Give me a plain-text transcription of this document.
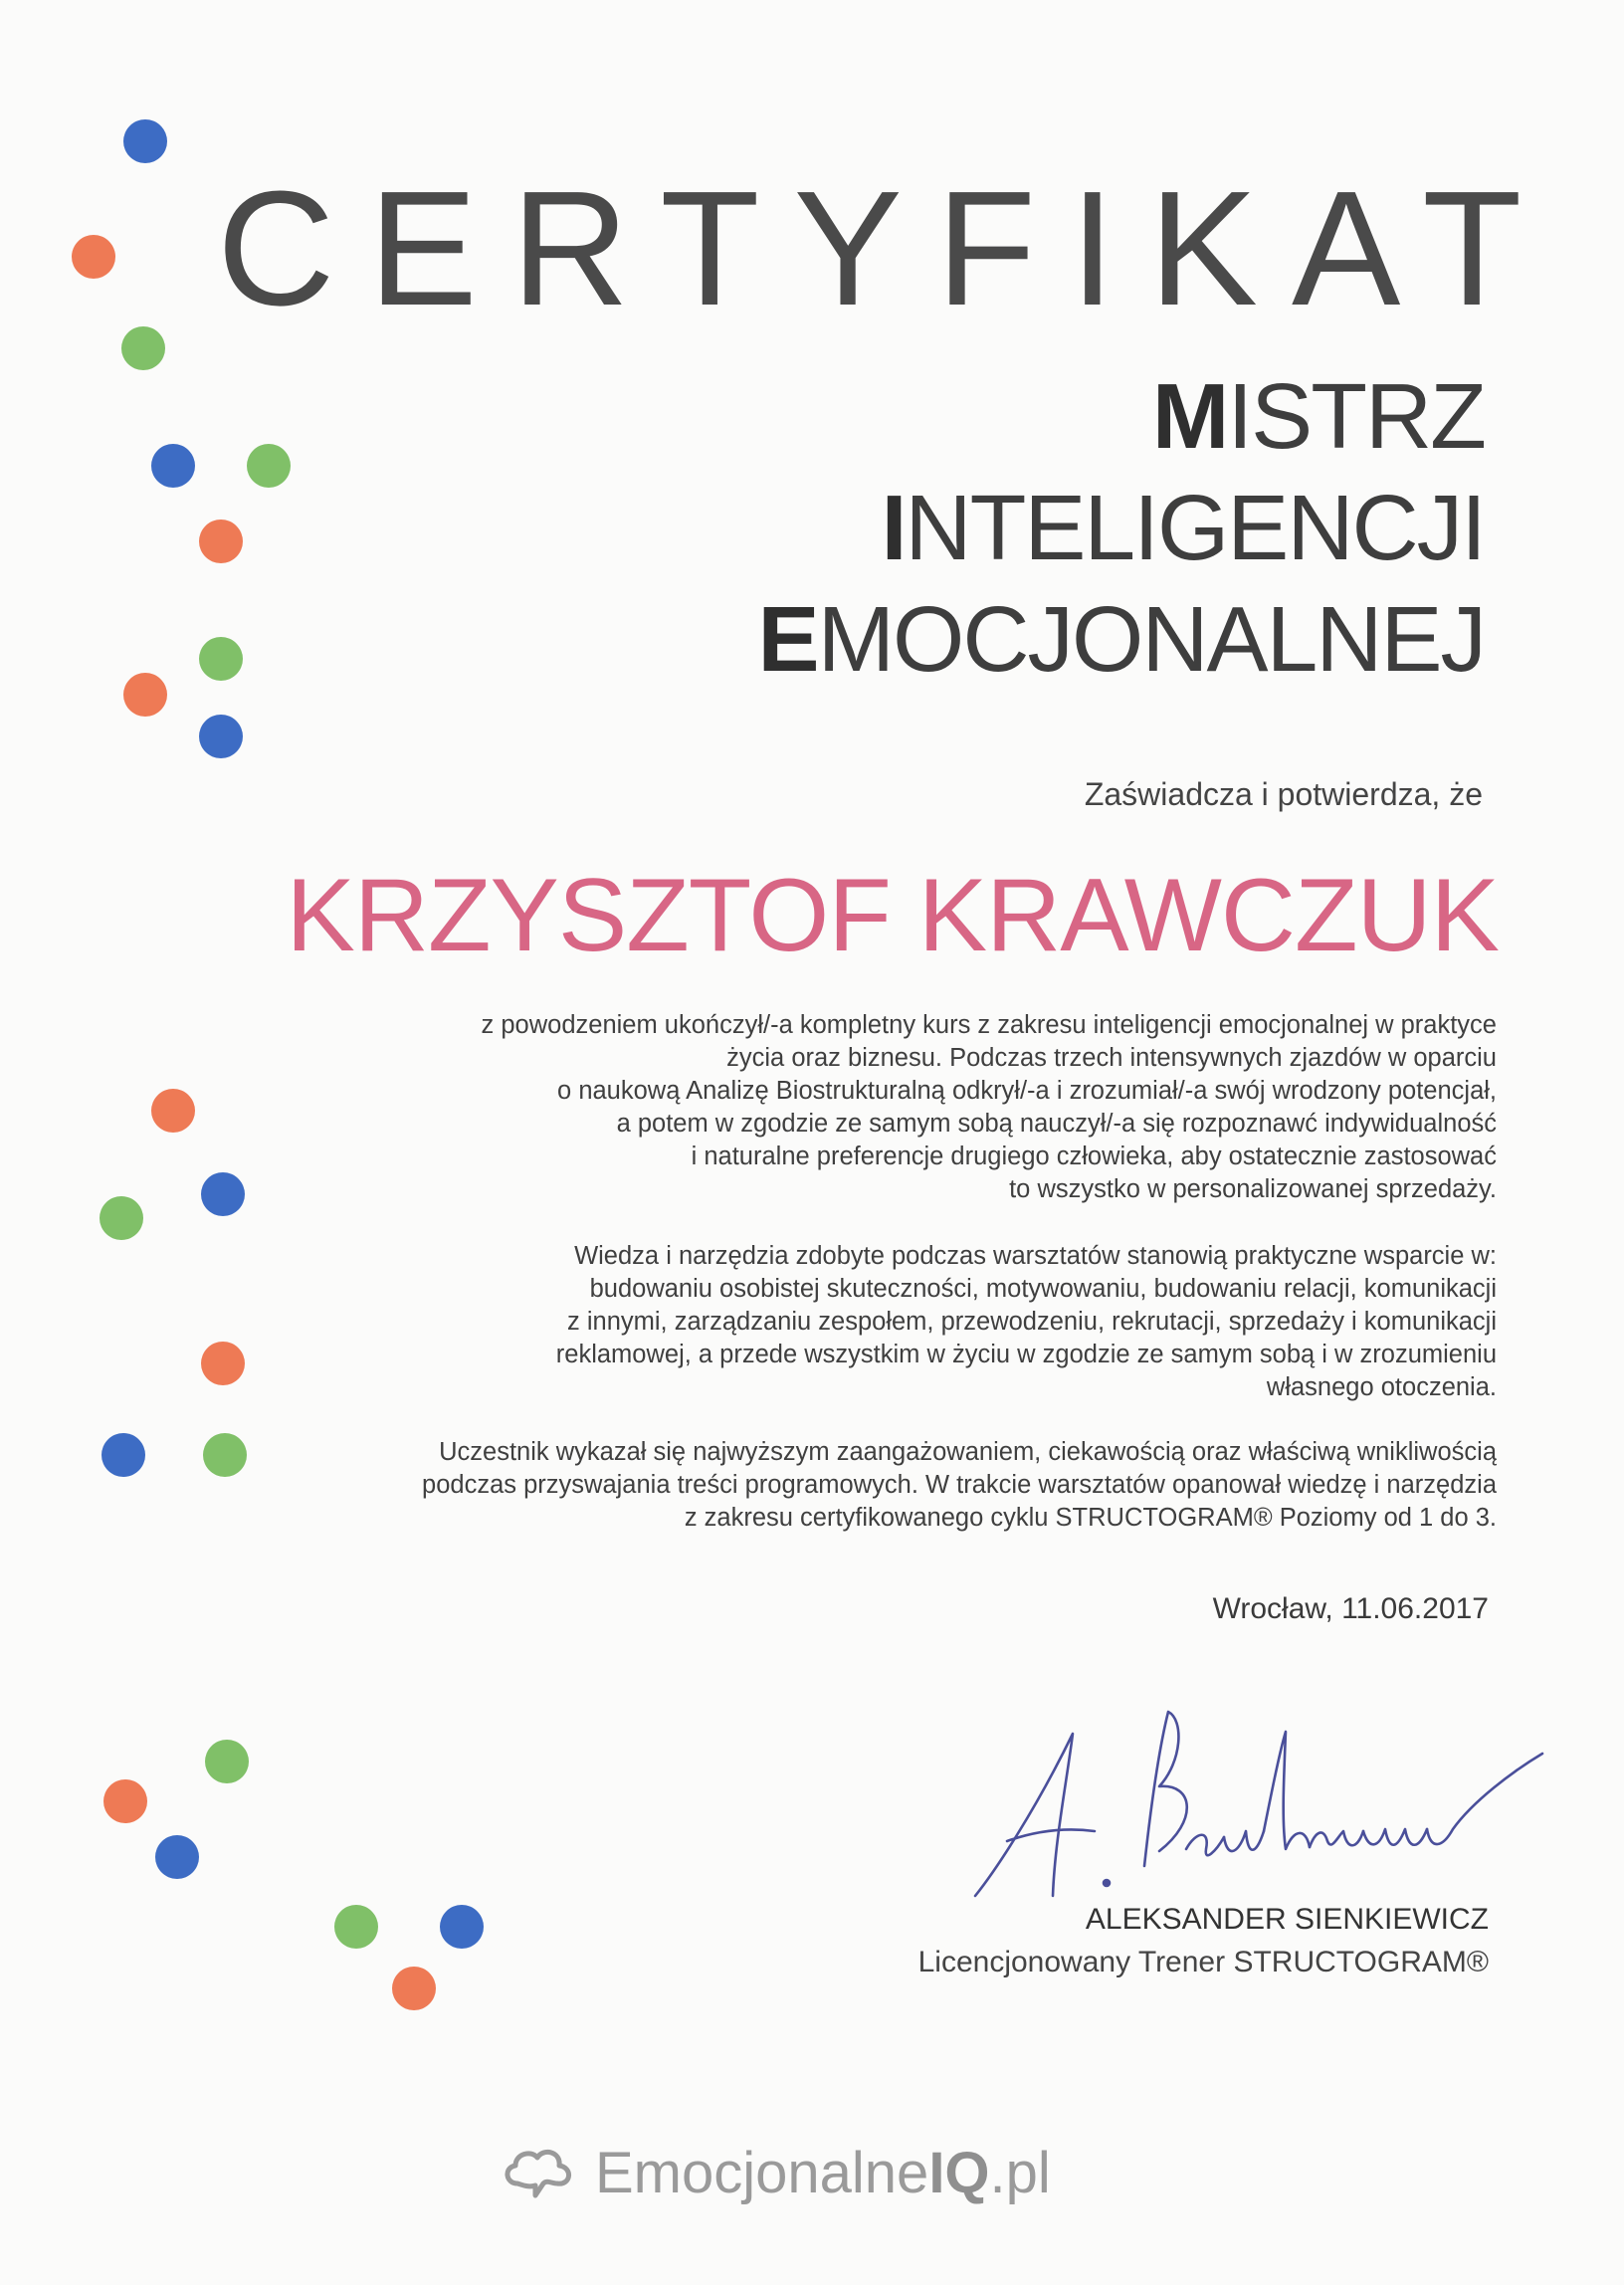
CERTYFIKAT
MISTRZ
INTELIGENCJI
EMOCJONALNEJ
Zaświadcza i potwierdza, że
KRZYSZTOF KRAWCZUK
z powodzeniem ukończył/-a kompletny kurs z zakresu inteligencji emocjonalnej w praktyce
życia oraz biznesu. Podczas trzech intensywnych zjazdów w oparciu
o naukową Analizę Biostrukturalną odkrył/-a i zrozumiał/-a swój wrodzony potencjał,
a potem w zgodzie ze samym sobą nauczył/-a się rozpoznawć indywidualność
i naturalne preferencje drugiego człowieka, aby ostatecznie zastosować
to wszystko w personalizowanej sprzedaży.
Wiedza i narzędzia zdobyte podczas warsztatów stanowią praktyczne wsparcie w:
budowaniu osobistej skuteczności, motywowaniu, budowaniu relacji, komunikacji
z innymi, zarządzaniu zespołem, przewodzeniu, rekrutacji, sprzedaży i komunikacji
reklamowej, a przede wszystkim w życiu w zgodzie ze samym sobą i w zrozumieniu
własnego otoczenia.
Uczestnik wykazał się najwyższym zaangażowaniem, ciekawością oraz właściwą wnikliwością
podczas przyswajania treści programowych. W trakcie warsztatów opanował wiedzę i narzędzia
z zakresu certyfikowanego cyklu STRUCTOGRAM® Poziomy od 1 do 3.
Wrocław, 11.06.2017
ALEKSANDER SIENKIEWICZ
Licencjonowany Trener STRUCTOGRAM®
EmocjonalneIQ.pl
